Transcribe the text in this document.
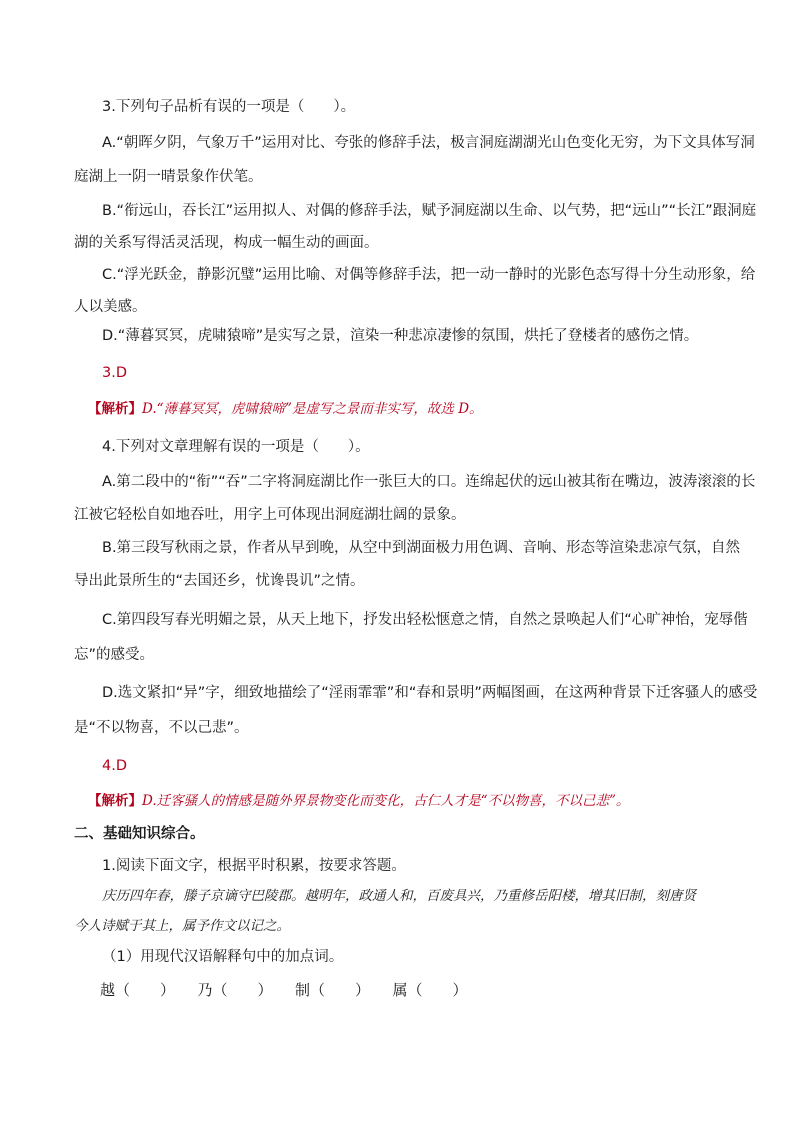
3.下列句子品析有误的一项是（　　）。
A.“朝晖夕阴，气象万千”运用对比、夸张的修辞手法，极言洞庭湖湖光山色变化无穷，为下文具体写洞
庭湖上一阴一晴景象作伏笔。
B.“衔远山，吞长江”运用拟人、对偶的修辞手法，赋予洞庭湖以生命、以气势，把“远山”“长江”跟洞庭
湖的关系写得活灵活现，构成一幅生动的画面。
C.“浮光跃金，静影沉璧”运用比喻、对偶等修辞手法，把一动一静时的光影色态写得十分生动形象，给
人以美感。
D.“薄暮冥冥，虎啸猿啼”是实写之景，渲染一种悲凉凄惨的氛围，烘托了登楼者的感伤之情。
3.D
【解析】D.“薄暮冥冥，虎啸猿啼”是虚写之景而非实写，故选 D。
4.下列对文章理解有误的一项是（　　）。
A.第二段中的“衔”“吞”二字将洞庭湖比作一张巨大的口。连绵起伏的远山被其衔在嘴边，波涛滚滚的长
江被它轻松自如地吞吐，用字上可体现出洞庭湖壮阔的景象。
B.第三段写秋雨之景，作者从早到晚，从空中到湖面极力用色调、音响、形态等渲染悲凉气氛，自然
导出此景所生的“去国还乡，忧谗畏讥”之情。
C.第四段写春光明媚之景，从天上地下，抒发出轻松惬意之情，自然之景唤起人们“心旷神怡，宠辱偕
忘”的感受。
D.选文紧扣“异”字，细致地描绘了“淫雨霏霏”和“春和景明”两幅图画，在这两种背景下迁客骚人的感受
是“不以物喜，不以己悲”。
4.D
【解析】D.迁客骚人的情感是随外界景物变化而变化，古仁人才是“不以物喜，不以己悲”。
二、基础知识综合。
1.阅读下面文字，根据平时积累，按要求答题。
庆历四年春，滕子京谪守巴陵郡。越明年，政通人和，百废具兴，乃重修岳阳楼，增其旧制，刻唐贤
今人诗赋于其上，属予作文以记之。
（1）用现代汉语解释句中的加点词。
越（　　）　　乃（　　）　　制（　　）　　属（　　）
